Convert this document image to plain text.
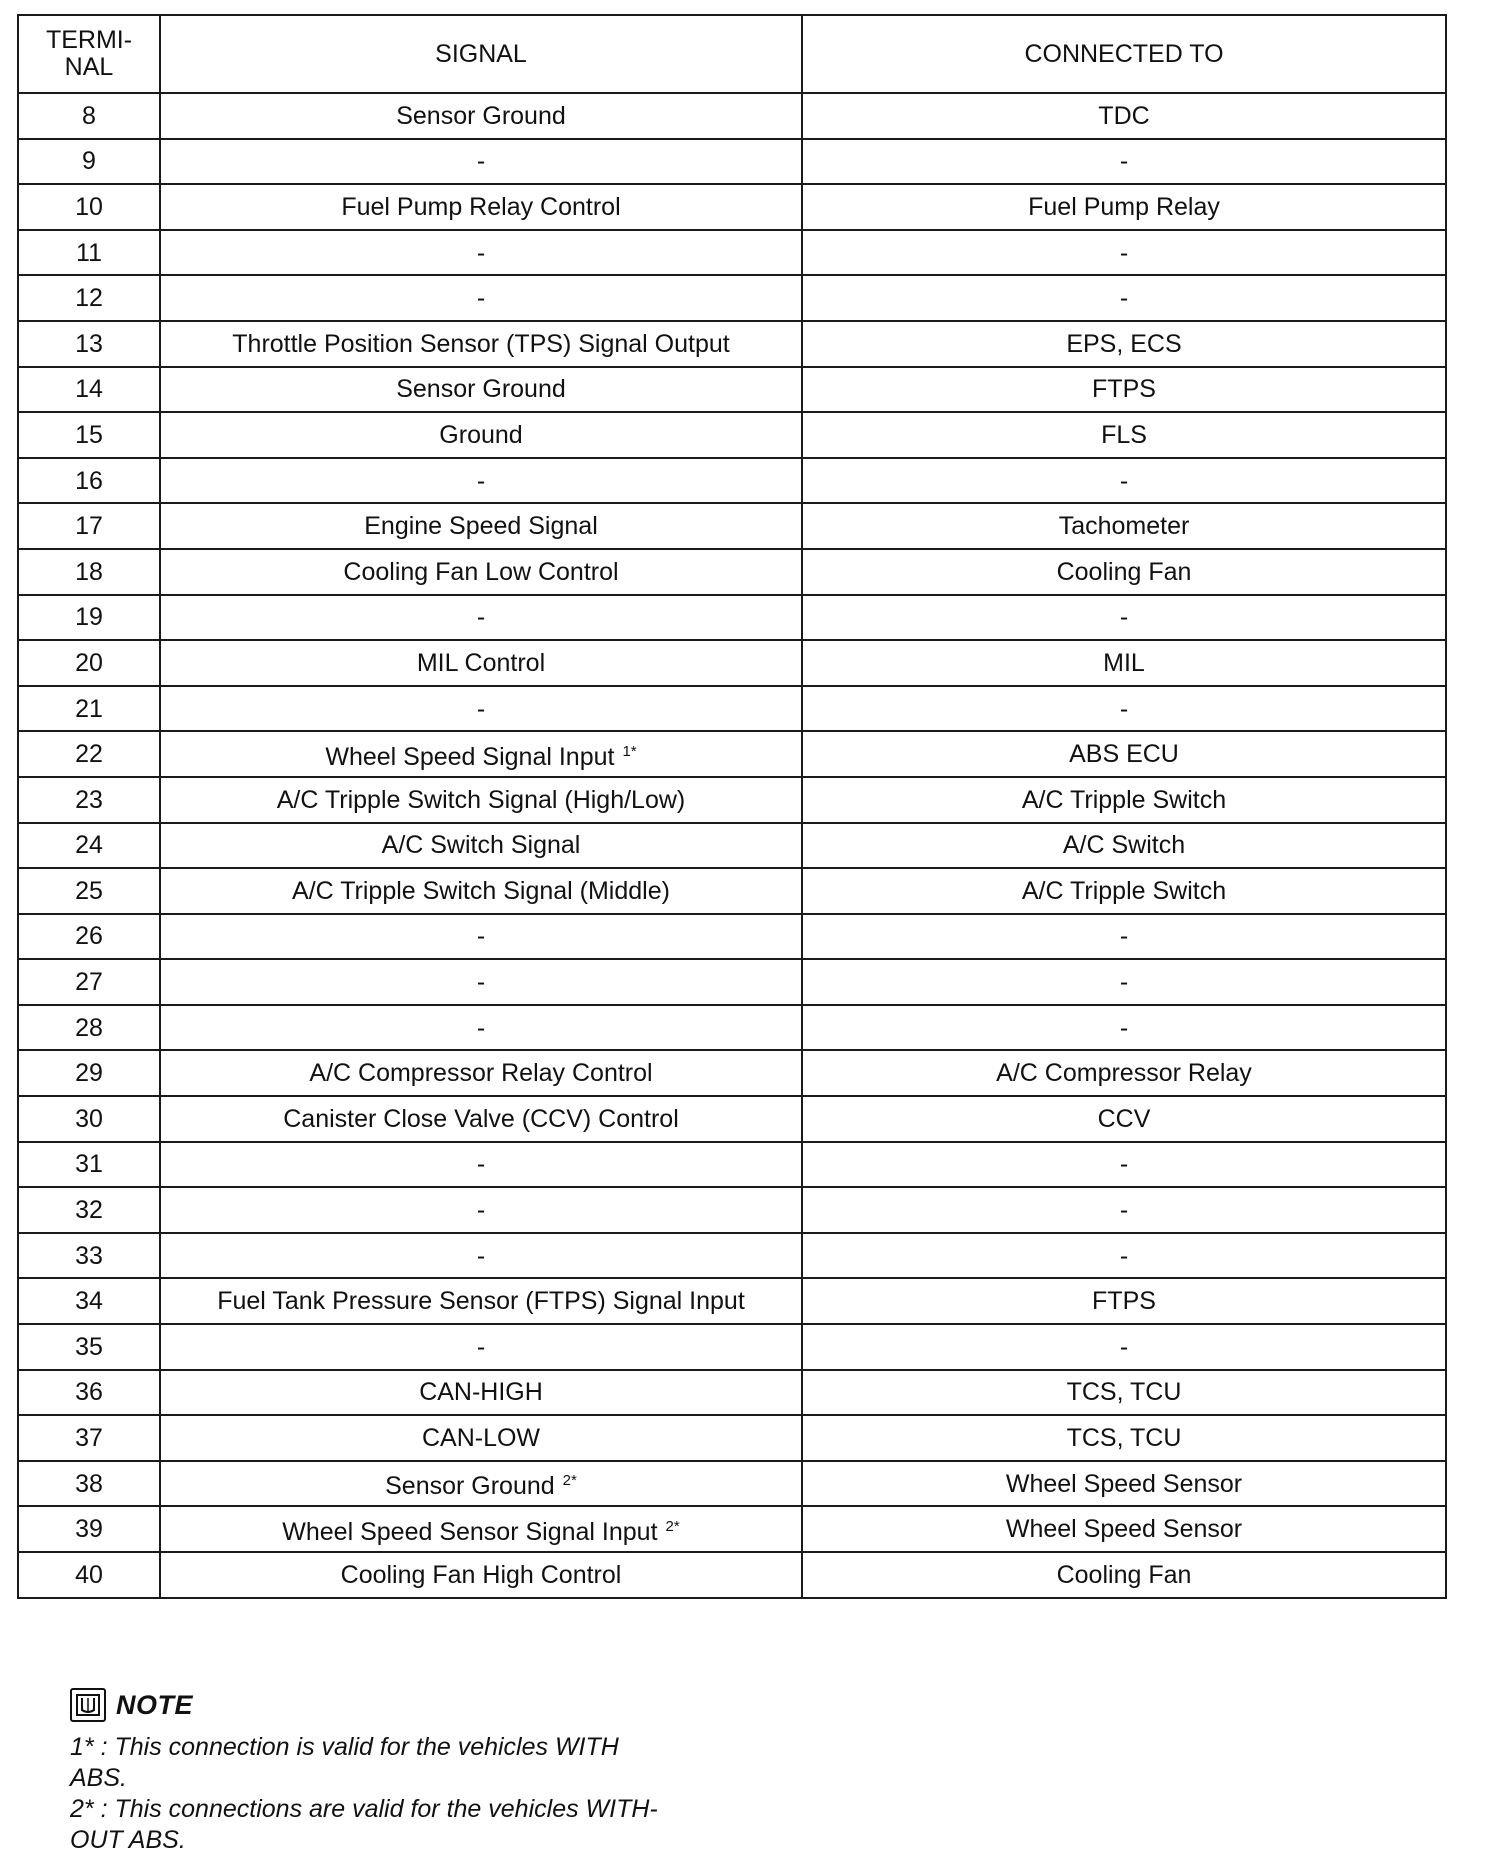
TERMI-
NAL	SIGNAL	CONNECTED TO
8	Sensor Ground	TDC
9	-	-
10	Fuel Pump Relay Control	Fuel Pump Relay
11	-	-
12	-	-
13	Throttle Position Sensor (TPS) Signal Output	EPS, ECS
14	Sensor Ground	FTPS
15	Ground	FLS
16	-	-
17	Engine Speed Signal	Tachometer
18	Cooling Fan Low Control	Cooling Fan
19	-	-
20	MIL Control	MIL
21	-	-
22	Wheel Speed Signal Input $^{1*}$	ABS ECU
23	A/C Tripple Switch Signal (High/Low)	A/C Tripple Switch
24	A/C Switch Signal	A/C Switch
25	A/C Tripple Switch Signal (Middle)	A/C Tripple Switch
26	-	-
27	-	-
28	-	-
29	A/C Compressor Relay Control	A/C Compressor Relay
30	Canister Close Valve (CCV) Control	CCV
31	-	-
32	-	-
33	-	-
34	Fuel Tank Pressure Sensor (FTPS) Signal Input	FTPS
35	-	-
36	CAN-HIGH	TCS, TCU
37	CAN-LOW	TCS, TCU
38	Sensor Ground $^{2*}$	Wheel Speed Sensor
39	Wheel Speed Sensor Signal Input $^{2*}$	Wheel Speed Sensor
40	Cooling Fan High Control	Cooling Fan
NOTE

1* : This connection is valid for the vehicles WITH

ABS.

2* : This connections are valid for the vehicles WITH-

OUT ABS.
